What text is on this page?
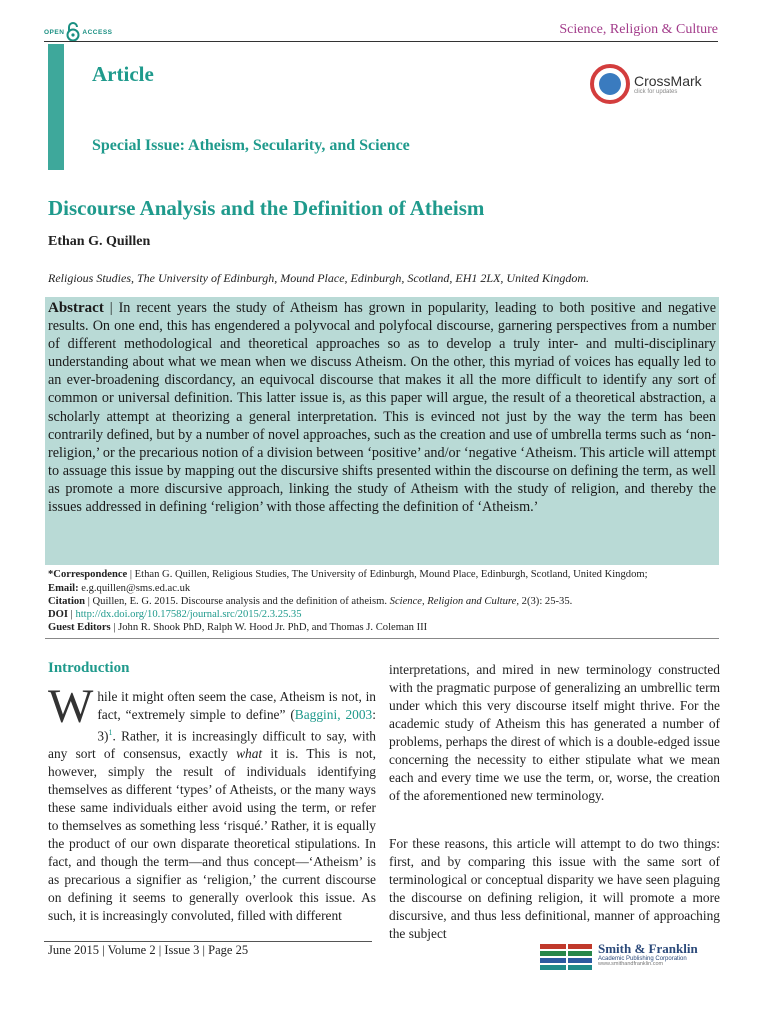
OPEN	ACCESS	Science, Religion & Culture
Article	CrossMark
click for updates
Special Issue: Atheism, Secularity, and Science
Discourse Analysis and the Definition of Atheism
Ethan G. Quillen
Religious Studies, The University of Edinburgh, Mound Place, Edinburgh, Scotland, EH1 2LX, United Kingdom.

Abstract | In recent years the study of Atheism has grown in popularity, leading to both positive and negative results. On one end, this has engendered a polyvocal and polyfocal discourse, garnering perspectives from a number of different methodological and theoretical approaches so as to develop a truly inter- and multi-disciplinary understanding about what we mean when we discuss Atheism. On the other, this myriad of voices has equally led to an ever-broadening discordancy, an equivocal discourse that makes it all the more difficult to identify any sort of common or universal definition. This latter issue is, as this paper will argue, the result of a theoretical abstraction, a scholarly attempt at theorizing a general interpretation. This is evinced not just by the way the term has been contrarily defined, but by a number of novel approaches, such as the creation and use of umbrella terms such as ‘non-religion,’ or the precarious notion of a division between ‘positive’ and/or ‘negative ‘Atheism. This article will attempt to assuage this issue by mapping out the discursive shifts presented within the discourse on defining the term, as well as promote a more discursive approach, linking the study of Atheism with the study of religion, and thereby the issues addressed in defining ‘religion’ with those affecting the definition of ‘Atheism.’

*Correspondence | Ethan G. Quillen, Religious Studies, The University of Edinburgh, Mound Place, Edinburgh, Scotland, United Kingdom;
Email: e.g.quillen@sms.ed.ac.uk
Citation | Quillen, E. G. 2015. Discourse analysis and the definition of atheism. Science, Religion and Culture, 2(3): 25-35.
DOI | http://dx.doi.org/10.17582/journal.src/2015/2.3.25.35
Guest Editors | John R. Shook PhD, Ralph W. Hood Jr. PhD, and Thomas J. Coleman III
Introduction

While it might often seem the case, Atheism is not, in fact, “extremely simple to define” (Baggini, 2003: 3)$^1$. Rather, it is increasingly difficult to say, with any sort of consensus, exactly what it is. This is not, however, simply the result of individuals identifying themselves as different ‘types’ of Atheists, or the many ways these same individuals either avoid using the term, or refer to themselves as something less ‘risqué.’ Rather, it is equally the product of our own disparate theoretical stipulations. In fact, and though the term—and thus concept—‘Atheism’ is as precarious a signifier as ‘religion,’ the current discourse on defining it seems to generally overlook this issue. As such, it is increasingly convoluted, filled with different

interpretations, and mired in new terminology constructed with the pragmatic purpose of generalizing an umbrellic term under which this very discourse itself might thrive. For the academic study of Atheism this has generated a number of problems, perhaps the direst of which is a double-edged issue concerning the necessity to either stipulate what we mean each and every time we use the term, or, worse, the creation of the aforementioned new terminology.

For these reasons, this article will attempt to do two things: first, and by comparing this issue with the same sort of terminological or conceptual disparity we have seen plaguing the discourse on defining religion, it will promote a more discursive, and thus less definitional, manner of approaching the subject

June 2015 | Volume 2 | Issue 3 | Page 25	Smith & Franklin
Academic Publishing Corporation
www.smithandfranklin.com
